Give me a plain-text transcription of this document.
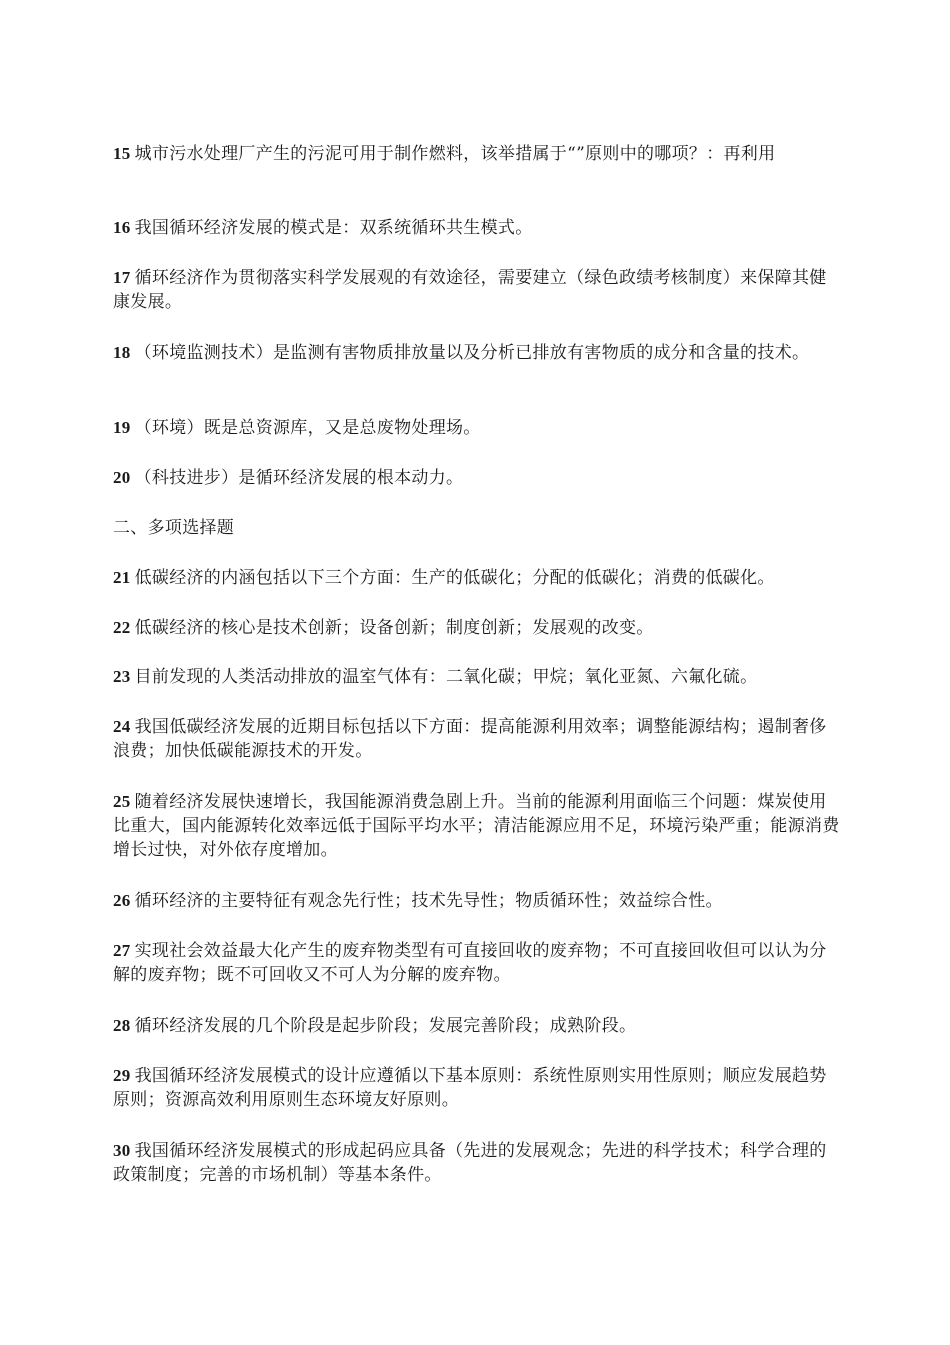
15 城市污水处理厂产生的污泥可用于制作燃料，该举措属于“”原则中的哪项？：再利用

16 我国循环经济发展的模式是：双系统循环共生模式。

17 循环经济作为贯彻落实科学发展观的有效途径，需要建立（绿色政绩考核制度）来保障其健康发展。

18 （环境监测技术）是监测有害物质排放量以及分析已排放有害物质的成分和含量的技术。

19 （环境）既是总资源库，又是总废物处理场。

20 （科技进步）是循环经济发展的根本动力。

二、多项选择题

21 低碳经济的内涵包括以下三个方面：生产的低碳化；分配的低碳化；消费的低碳化。

22 低碳经济的核心是技术创新；设备创新；制度创新；发展观的改变。

23 目前发现的人类活动排放的温室气体有：二氧化碳；甲烷；氧化亚氮、六氟化硫。

24 我国低碳经济发展的近期目标包括以下方面：提高能源利用效率；调整能源结构；遏制奢侈浪费；加快低碳能源技术的开发。

25 随着经济发展快速增长，我国能源消费急剧上升。当前的能源利用面临三个问题：煤炭使用比重大，国内能源转化效率远低于国际平均水平；清洁能源应用不足，环境污染严重；能源消费增长过快，对外依存度增加。

26 循环经济的主要特征有观念先行性；技术先导性；物质循环性；效益综合性。

27 实现社会效益最大化产生的废弃物类型有可直接回收的废弃物；不可直接回收但可以认为分解的废弃物；既不可回收又不可人为分解的废弃物。

28 循环经济发展的几个阶段是起步阶段；发展完善阶段；成熟阶段。

29 我国循环经济发展模式的设计应遵循以下基本原则：系统性原则实用性原则；顺应发展趋势原则；资源高效利用原则生态环境友好原则。

30 我国循环经济发展模式的形成起码应具备（先进的发展观念；先进的科学技术；科学合理的政策制度；完善的市场机制）等基本条件。
